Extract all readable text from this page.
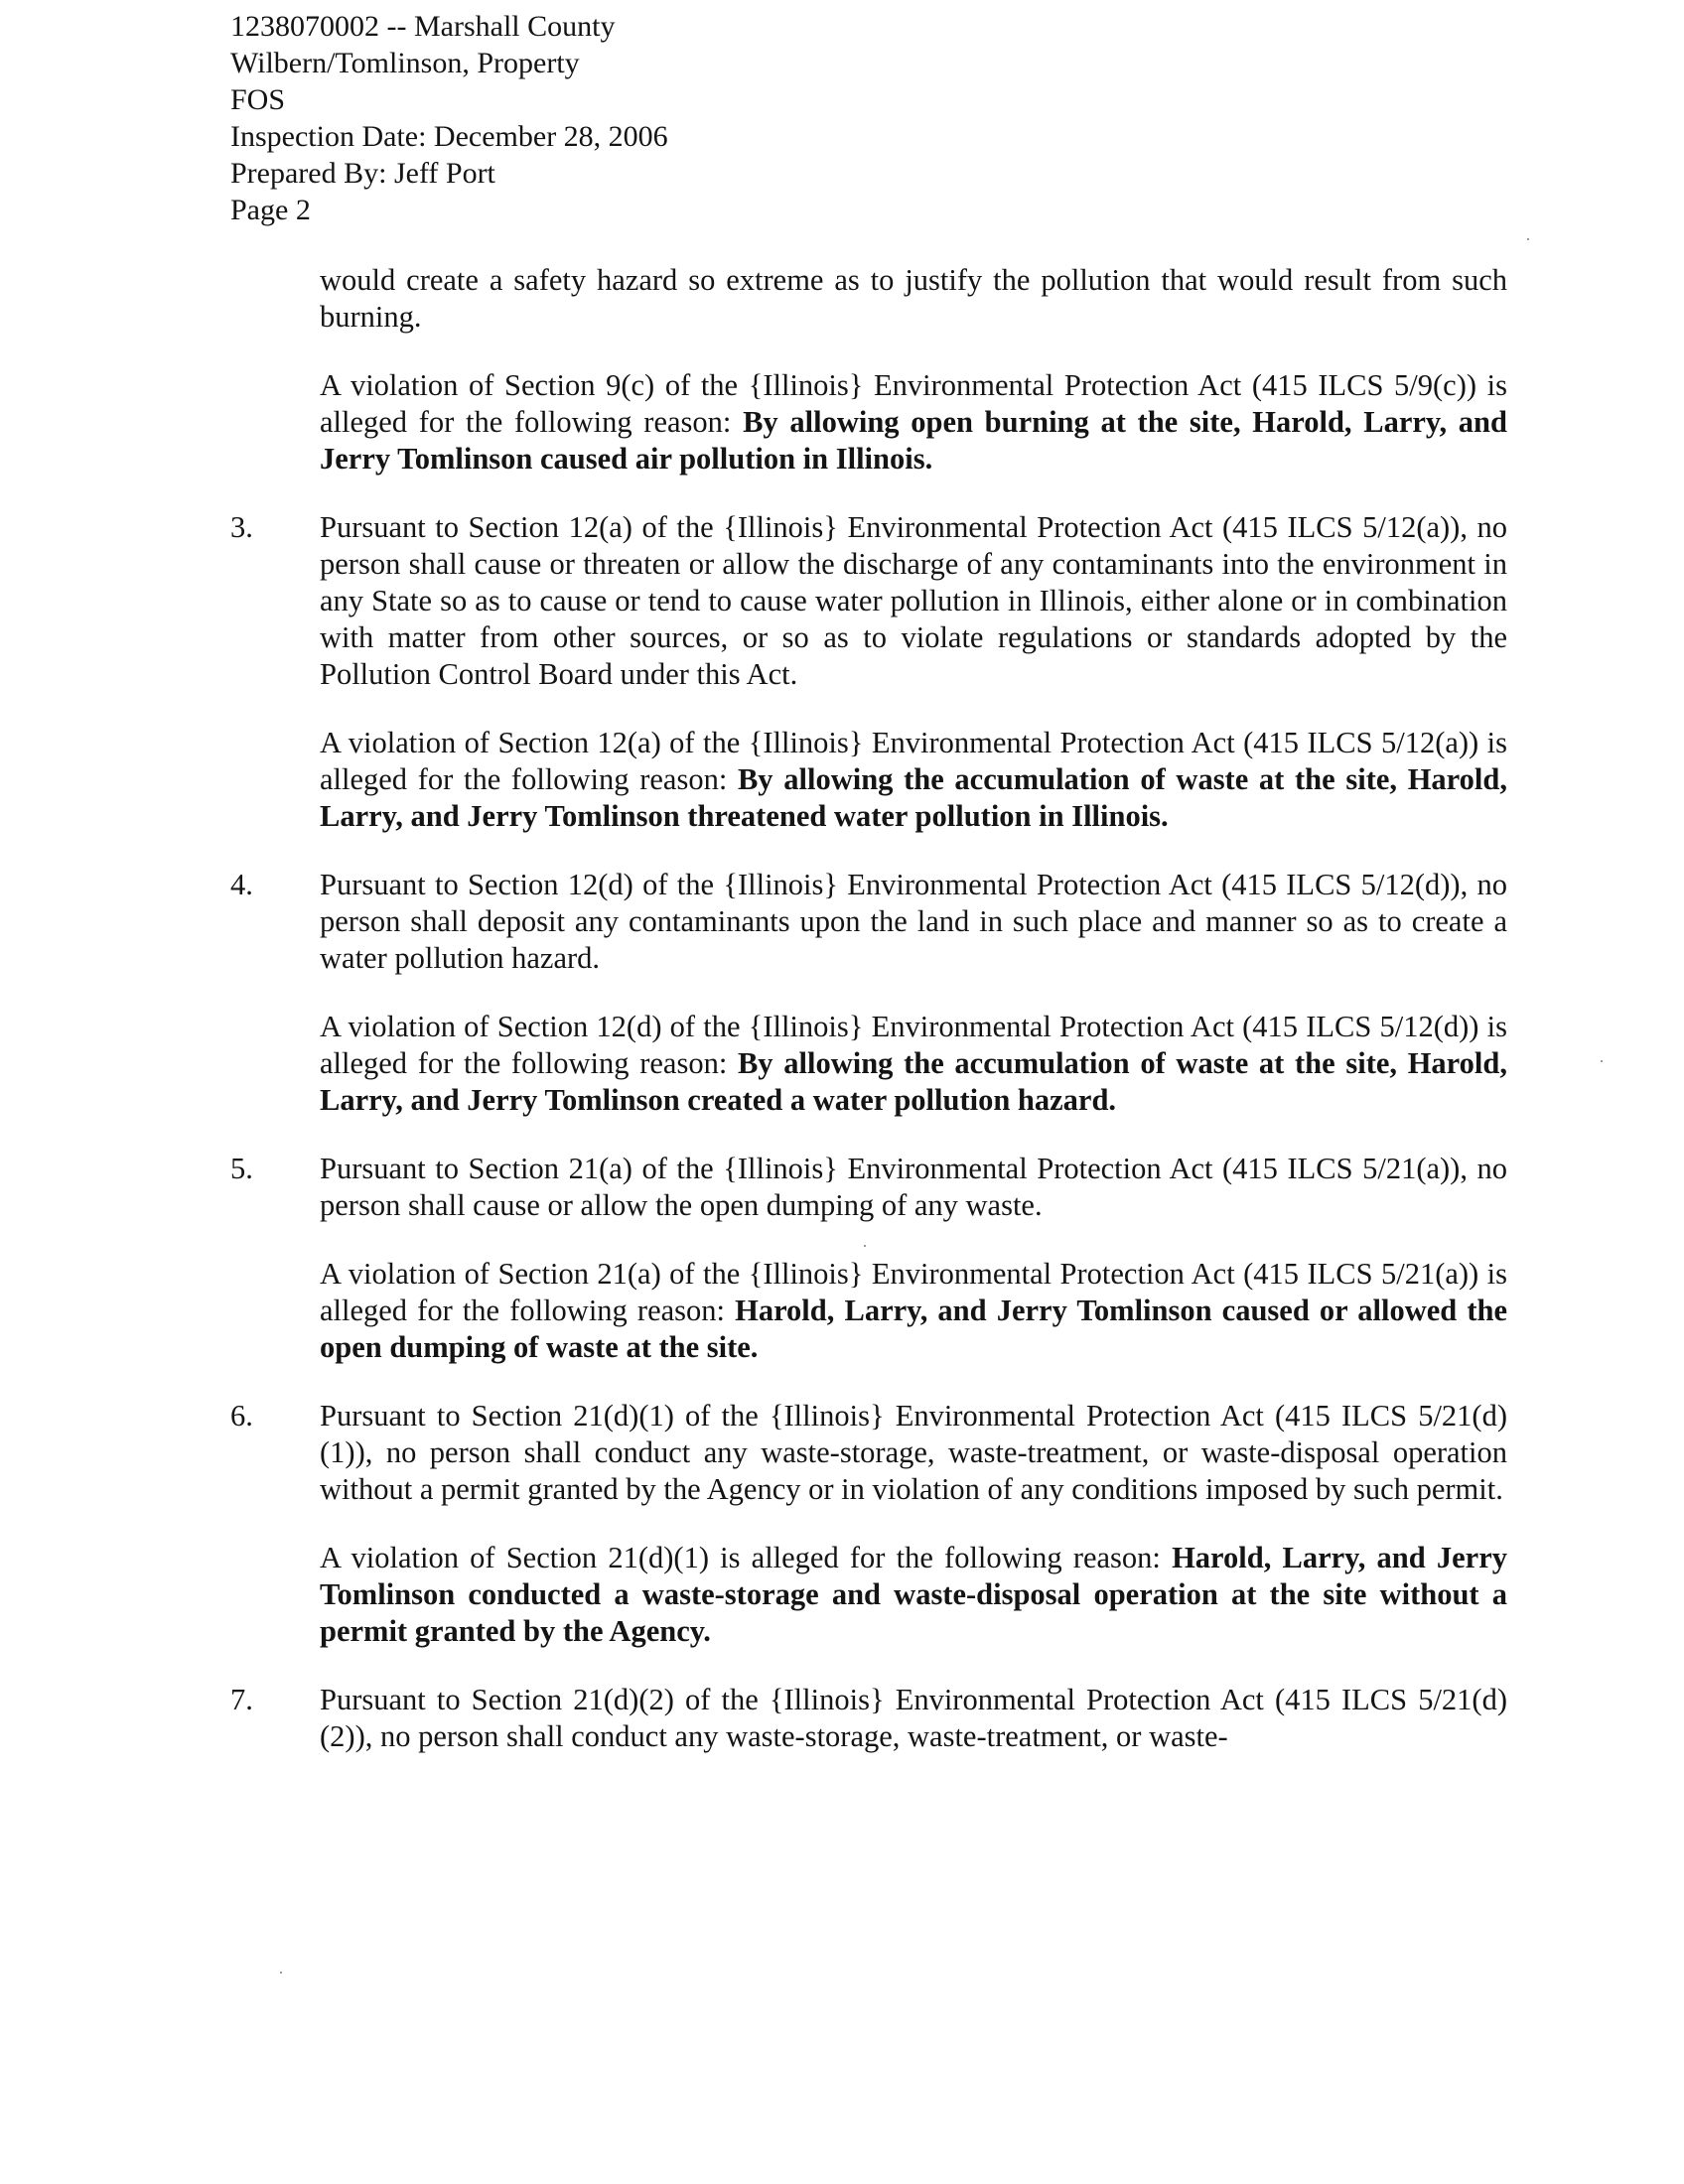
1238070002 -- Marshall County
Wilbern/Tomlinson, Property
FOS
Inspection Date: December 28, 2006
Prepared By: Jeff Port
Page 2
would create a safety hazard so extreme as to justify the pollution that would result from such burning.
A violation of Section 9(c) of the {Illinois} Environmental Protection Act (415 ILCS 5/9(c)) is alleged for the following reason: By allowing open burning at the site, Harold, Larry, and Jerry Tomlinson caused air pollution in Illinois.
3.	Pursuant to Section 12(a) of the {Illinois} Environmental Protection Act (415 ILCS 5/12(a)), no person shall cause or threaten or allow the discharge of any contaminants into the environment in any State so as to cause or tend to cause water pollution in Illinois, either alone or in combination with matter from other sources, or so as to violate regulations or standards adopted by the Pollution Control Board under this Act.
A violation of Section 12(a) of the {Illinois} Environmental Protection Act (415 ILCS 5/12(a)) is alleged for the following reason: By allowing the accumulation of waste at the site, Harold, Larry, and Jerry Tomlinson threatened water pollution in Illinois.
4.	Pursuant to Section 12(d) of the {Illinois} Environmental Protection Act (415 ILCS 5/12(d)), no person shall deposit any contaminants upon the land in such place and manner so as to create a water pollution hazard.
A violation of Section 12(d) of the {Illinois} Environmental Protection Act (415 ILCS 5/12(d)) is alleged for the following reason: By allowing the accumulation of waste at the site, Harold, Larry, and Jerry Tomlinson created a water pollution hazard.
5.	Pursuant to Section 21(a) of the {Illinois} Environmental Protection Act (415 ILCS 5/21(a)), no person shall cause or allow the open dumping of any waste.
A violation of Section 21(a) of the {Illinois} Environmental Protection Act (415 ILCS 5/21(a)) is alleged for the following reason: Harold, Larry, and Jerry Tomlinson caused or allowed the open dumping of waste at the site.
6.	Pursuant to Section 21(d)(1) of the {Illinois} Environmental Protection Act (415 ILCS 5/21(d)(1)), no person shall conduct any waste-storage, waste-treatment, or waste-disposal operation without a permit granted by the Agency or in violation of any conditions imposed by such permit.
A violation of Section 21(d)(1) is alleged for the following reason: Harold, Larry, and Jerry Tomlinson conducted a waste-storage and waste-disposal operation at the site without a permit granted by the Agency.
7.	Pursuant to Section 21(d)(2) of the {Illinois} Environmental Protection Act (415 ILCS 5/21(d)(2)), no person shall conduct any waste-storage, waste-treatment, or waste-
